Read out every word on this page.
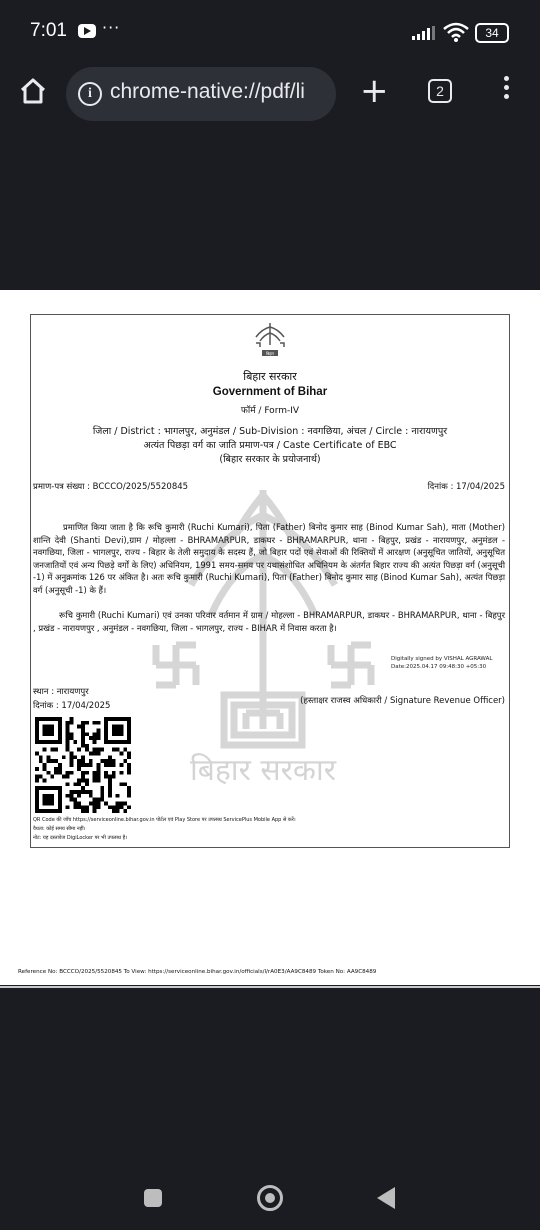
7:01 ···	34
i chrome-native://pdf/li	+	2
बिहार सरकार
बिहार
बिहार सरकार
Government of Bihar
फॉर्म / Form-IV
जिला / District : भागलपुर, अनुमंडल / Sub-Division : नवगछिया, अंचल / Circle : नारायणपुर
अत्यंत पिछड़ा वर्ग का जाति प्रमाण-पत्र / Caste Certificate of EBC
(बिहार सरकार के प्रयोजनार्थ)
प्रमाण-पत्र संख्या : BCCCO/2025/5520845	दिनांक : 17/04/2025
प्रमाणित किया जाता है कि रूचि कुमारी (Ruchi Kumari), पिता (Father) बिनोद कुमार साह (Binod Kumar Sah), माता (Mother) शान्ति देवी (Shanti Devi),ग्राम / मोहल्ला - BHRAMARPUR, डाकघर - BHRAMARPUR, थाना - बिहपुर, प्रखंड - नारायणपुर, अनुमंडल - नवगछिया, जिला - भागलपुर, राज्य - बिहार के तेली समुदाय के सदस्य हैं, जो बिहार पदों एवं सेवाओं की रिक्तियों में आरक्षण (अनुसूचित जातियों, अनुसूचित जनजातियों एवं अन्य पिछड़े वर्गों के लिए) अधिनियम, 1991 समय-समय पर यथासंशोधित अधिनियम के अंतर्गत बिहार राज्य की अत्यंत पिछड़ा वर्ग (अनुसूची -1) में अनुक्रमांक 126 पर अंकित है। अतः रूचि कुमारी (Ruchi Kumari), पिता (Father) बिनोद कुमार साह (Binod Kumar Sah), अत्यंत पिछड़ा वर्ग (अनुसूची -1) के हैं।
रूचि कुमारी (Ruchi Kumari) एवं उनका परिवार वर्तमान में ग्राम / मोहल्ला - BHRAMARPUR, डाकघर - BHRAMARPUR, थाना - बिहपुर , प्रखंड - नारायणपुर , अनुमंडल - नवगछिया, जिला - भागलपुर, राज्य - BIHAR में निवास करता है।
Digitally signed by VISHAL AGRAWAL
Date:2025.04.17 09:48:30 +05:30
स्थान : नारायणपुर
दिनांक : 17/04/2025	(हस्ताक्षर राजस्व अधिकारी / Signature Revenue Officer)
QR Code की जाँच https://serviceonline.bihar.gov.in पोर्टल एवं Play Store पर उपलब्ध ServicePlus Mobile App से करें।
वैधता: कोई समय सीमा नहीं।
नोट: यह दस्तावेज DigiLocker पर भी उपलब्ध है।
Reference No: BCCCO/2025/5520845 To View: https://serviceonline.bihar.gov.in/officials/l/rA0E3/AA9C8489 Token No: AA9C8489
